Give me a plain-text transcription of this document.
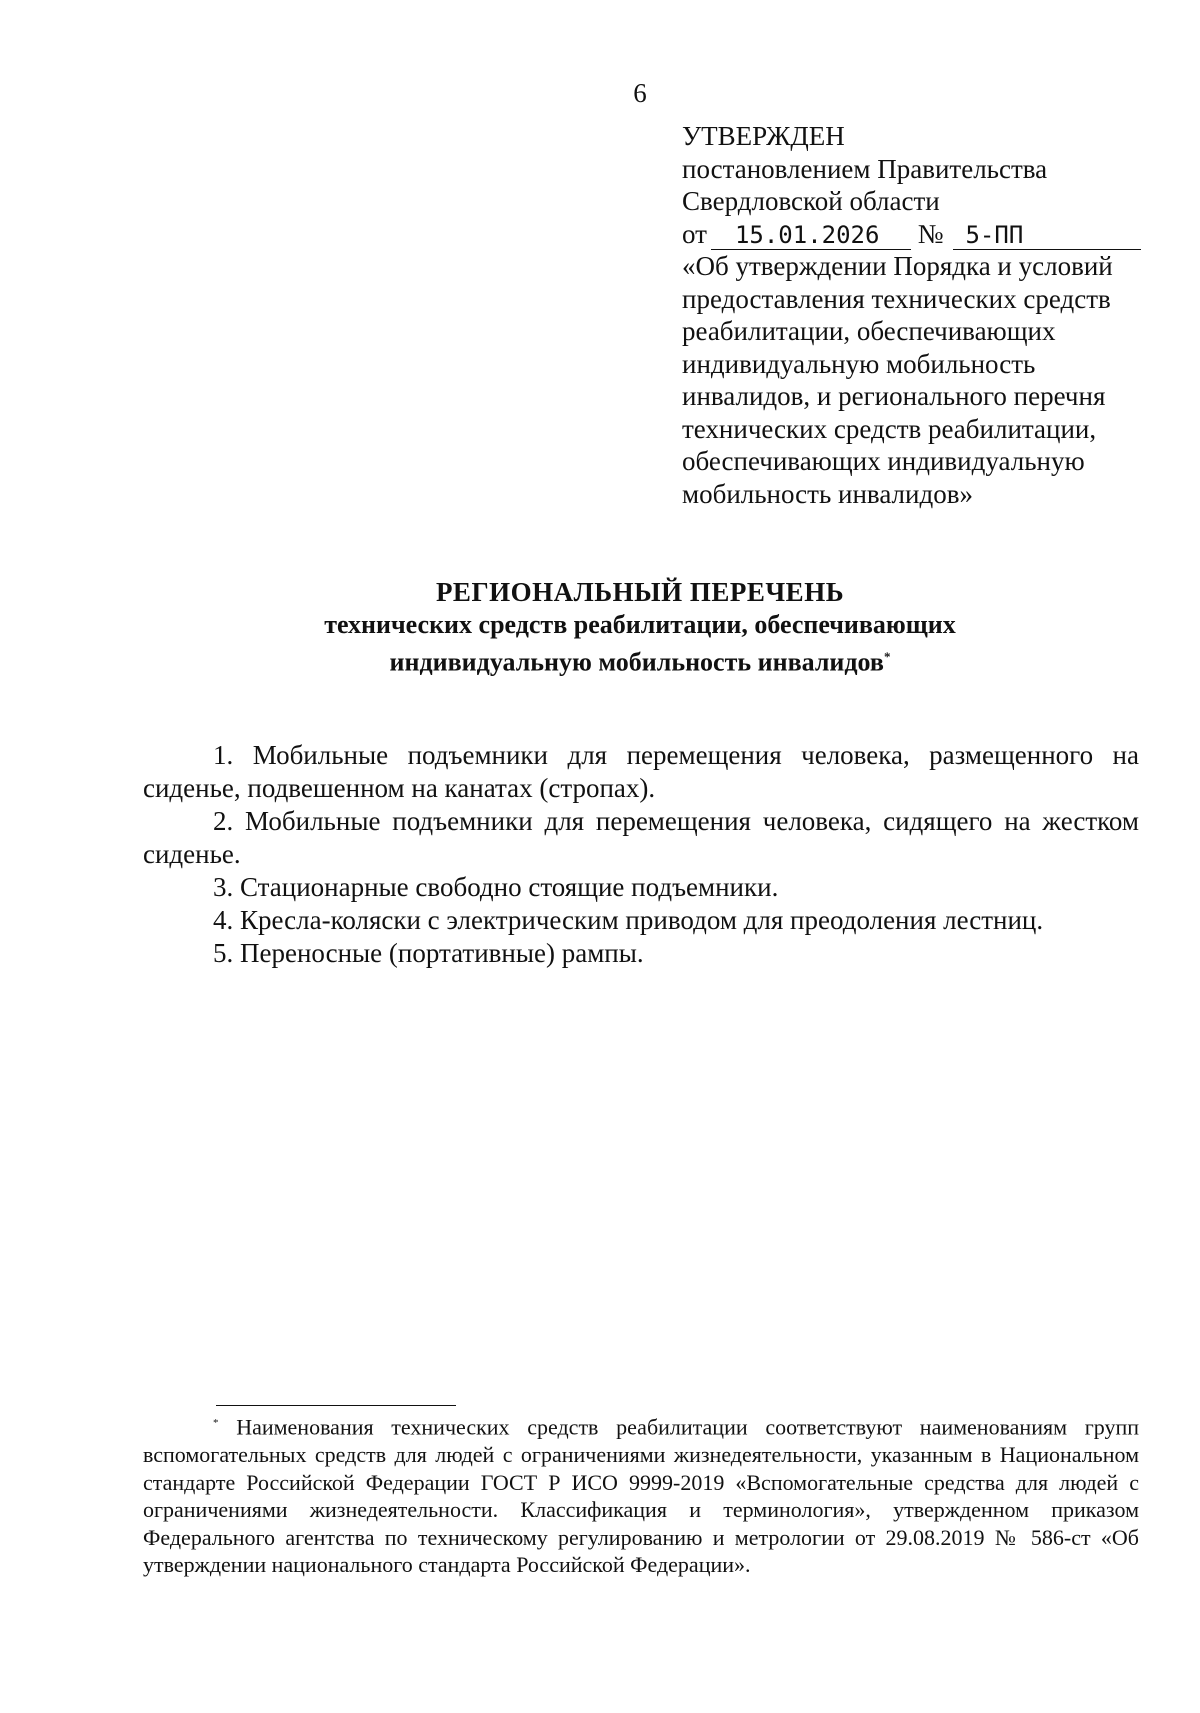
6
УТВЕРЖДЕН
постановлением Правительства
Свердловской области
от 15.01.2026 № 5-ПП
«Об утверждении Порядка и условий
предоставления технических средств
реабилитации, обеспечивающих
индивидуальную мобильность
инвалидов, и регионального перечня
технических средств реабилитации,
обеспечивающих индивидуальную
мобильность инвалидов»
РЕГИОНАЛЬНЫЙ ПЕРЕЧЕНЬ
технических средств реабилитации, обеспечивающих
индивидуальную мобильность инвалидов*

1. Мобильные подъемники для перемещения человека, размещенного на сиденье, подвешенном на канатах (стропах).

2. Мобильные подъемники для перемещения человека, сидящего на жестком сиденье.

3. Стационарные свободно стоящие подъемники.

4. Кресла-коляски с электрическим приводом для преодоления лестниц.

5. Переносные (портативные) рампы.

* Наименования технических средств реабилитации соответствуют наименованиям групп вспомогательных средств для людей с ограничениями жизнедеятельности, указанным в Национальном стандарте Российской Федерации ГОСТ Р ИСО 9999-2019 «Вспомогательные средства для людей с ограничениями жизнедеятельности. Классификация и терминология», утвержденном приказом Федерального агентства по техническому регулированию и метрологии от 29.08.2019 № 586-ст «Об утверждении национального стандарта Российской Федерации».
